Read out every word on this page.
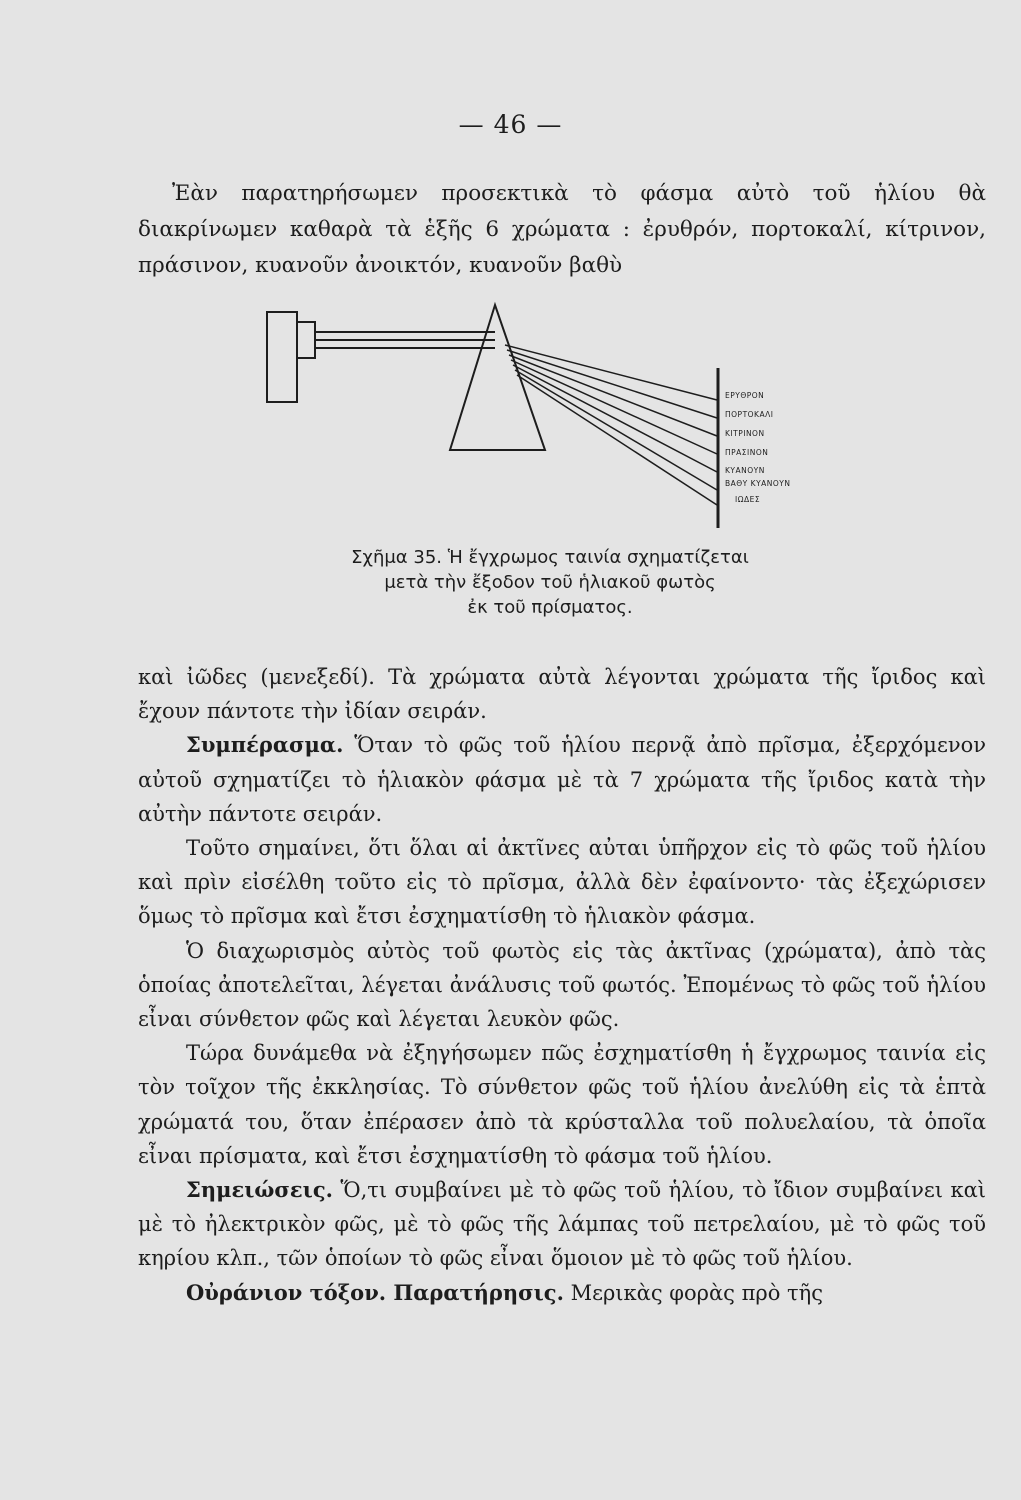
— 46 —

Ἐὰν παρατηρήσωμεν προσεκτικὰ τὸ φάσμα αὐτὸ τοῦ ἡλίου θὰ διακρίνωμεν καθαρὰ τὰ ἑξῆς 6 χρώματα : ἐρυθρόν, πορτοκαλί, κίτρινον, πράσινον, κυανοῦν ἀνοικτόν, κυανοῦν βαθὺ

ΕΡΥΘΡΟΝ
ΠΟΡΤΟΚΑΛΙ
ΚΙΤΡΙΝΟΝ
ΠΡΑΣΙΝΟΝ
ΚΥΑΝΟΥΝ
ΒΑΘΥ ΚΥΑΝΟΥΝ
ΙΩΔΕΣ
Σχῆμα 35. Ἡ ἔγχρωμος ταινία σχηματίζεται
μετὰ τὴν ἔξοδον τοῦ ἡλιακοῦ φωτὸς
ἐκ τοῦ πρίσματος.

καὶ ἰῶδες (μενεξεδί). Τὰ χρώματα αὐτὰ λέγονται χρώματα τῆς ἴριδος καὶ ἔχουν πάντοτε τὴν ἰδίαν σειράν.

Συμπέρασμα. Ὅταν τὸ φῶς τοῦ ἡλίου περνᾷ ἀπὸ πρῖσμα, ἐξερχόμενον αὐτοῦ σχηματίζει τὸ ἡλιακὸν φάσμα μὲ τὰ 7 χρώματα τῆς ἴριδος κατὰ τὴν αὐτὴν πάντοτε σειράν.

Τοῦτο σημαίνει, ὅτι ὅλαι αἱ ἀκτῖνες αὐται ὑπῆρχον εἰς τὸ φῶς τοῦ ἡλίου καὶ πρὶν εἰσέλθη τοῦτο εἰς τὸ πρῖσμα, ἀλλὰ δὲν ἐφαίνοντο· τὰς ἐξεχώρισεν ὅμως τὸ πρῖσμα καὶ ἔτσι ἐσχηματίσθη τὸ ἡλιακὸν φάσμα.

Ὁ διαχωρισμὸς αὐτὸς τοῦ φωτὸς εἰς τὰς ἀκτῖνας (χρώματα), ἀπὸ τὰς ὁποίας ἀποτελεῖται, λέγεται ἀνάλυσις τοῦ φωτός. Ἐπομένως τὸ φῶς τοῦ ἡλίου εἶναι σύνθετον φῶς καὶ λέγεται λευκὸν φῶς.

Τώρα δυνάμεθα νὰ ἐξηγήσωμεν πῶς ἐσχηματίσθη ἡ ἔγχρωμος ταινία εἰς τὸν τοῖχον τῆς ἐκκλησίας. Τὸ σύνθετον φῶς τοῦ ἡλίου ἀνελύθη εἰς τὰ ἑπτὰ χρώματά του, ὅταν ἐπέρασεν ἀπὸ τὰ κρύσταλλα τοῦ πολυελαίου, τὰ ὁποῖα εἶναι πρίσματα, καὶ ἔτσι ἐσχηματίσθη τὸ φάσμα τοῦ ἡλίου.

Σημειώσεις. Ὅ,τι συμβαίνει μὲ τὸ φῶς τοῦ ἡλίου, τὸ ἴδιον συμβαίνει καὶ μὲ τὸ ἠλεκτρικὸν φῶς, μὲ τὸ φῶς τῆς λάμπας τοῦ πετρελαίου, μὲ τὸ φῶς τοῦ κηρίου κλπ., τῶν ὁποίων τὸ φῶς εἶναι ὅμοιον μὲ τὸ φῶς τοῦ ἡλίου.

Οὐράνιον τόξον. Παρατήρησις. Μερικὰς φορὰς πρὸ τῆς
